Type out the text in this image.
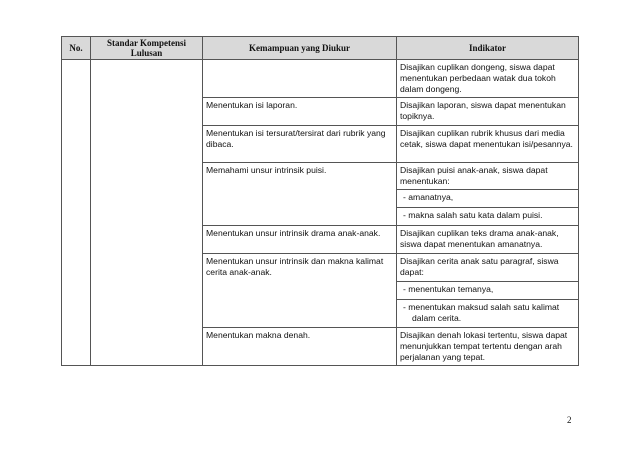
No.	Standar Kompetensi Lulusan	Kemampuan yang Diukur	Indikator
			Disajikan cuplikan dongeng, siswa dapat menentukan perbedaan watak dua tokoh dalam dongeng.
		Menentukan isi laporan.	Disajikan laporan, siswa dapat menentukan topiknya.
		Menentukan isi tersurat/tersirat dari rubrik yang dibaca.	Disajikan cuplikan rubrik khusus dari media cetak, siswa dapat menentukan isi/pesannya.
		Memahami unsur intrinsik puisi.	Disajikan puisi anak-anak, siswa dapat menentukan:

			- amanatnya,

			- makna salah satu kata dalam puisi.

		Menentukan unsur intrinsik drama anak-anak.	Disajikan cuplikan teks drama anak-anak, siswa dapat menentukan amanatnya.
		Menentukan unsur intrinsik dan makna kalimat cerita anak-anak.	Disajikan cerita anak satu paragraf, siswa dapat:

			- menentukan temanya,

			- menentukan maksud salah satu kalimat dalam cerita.

		Menentukan makna denah.	Disajikan denah lokasi tertentu, siswa dapat menunjukkan tempat tertentu dengan arah perjalanan yang tepat.
2
